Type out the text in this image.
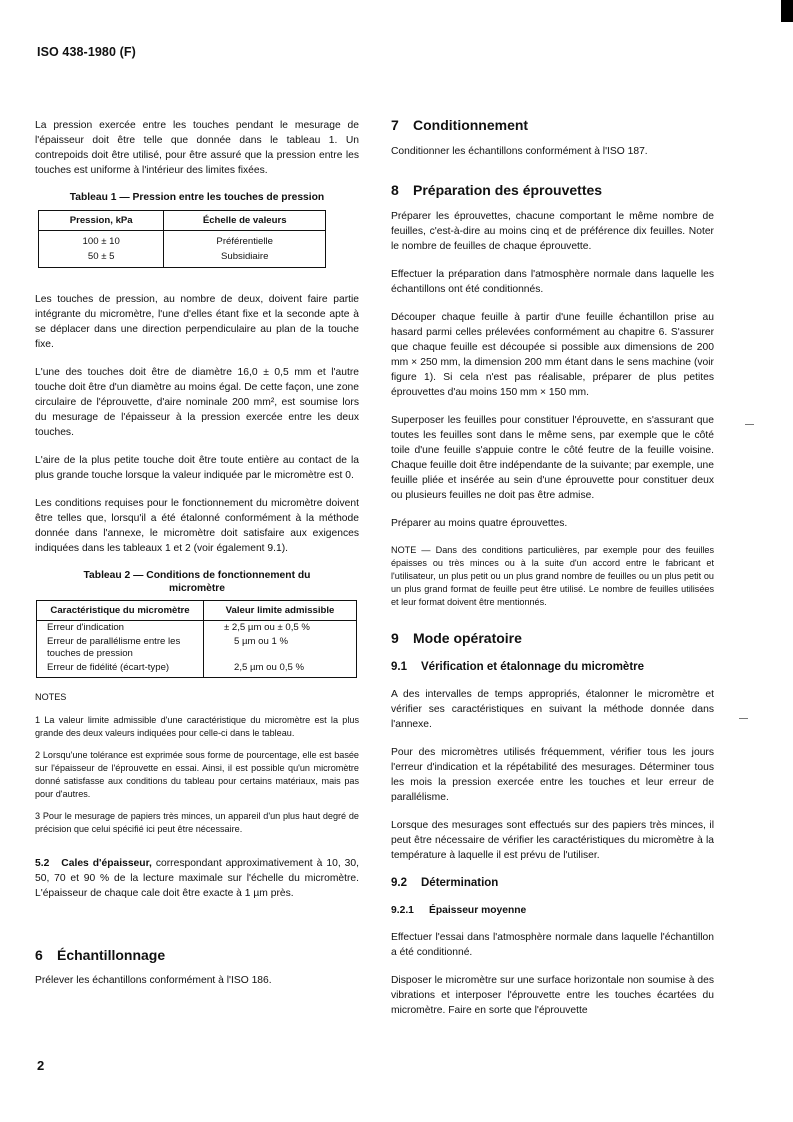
ISO 438-1980 (F)

La pression exercée entre les touches pendant le mesurage de l'épaisseur doit être telle que donnée dans le tableau 1. Un contrepoids doit être utilisé, pour être assuré que la pression entre les touches est uniforme à l'intérieur des limites fixées.

Tableau 1 — Pression entre les touches de pression
Pression, kPa	Échelle de valeurs
100 ± 10	Préférentielle
50 ± 5	Subsidiaire

Les touches de pression, au nombre de deux, doivent faire partie intégrante du micromètre, l'une d'elles étant fixe et la seconde apte à se déplacer dans une direction perpendiculaire au plan de la touche fixe.

L'une des touches doit être de diamètre 16,0 ± 0,5 mm et l'autre touche doit être d'un diamètre au moins égal. De cette façon, une zone circulaire de l'éprouvette, d'aire nominale 200 mm², est soumise lors du mesurage de l'épaisseur à la pression exercée entre les deux touches.

L'aire de la plus petite touche doit être toute entière au contact de la plus grande touche lorsque la valeur indiquée par le micromètre est 0.

Les conditions requises pour le fonctionnement du micromètre doivent être telles que, lorsqu'il a été étalonné conformément à la méthode donnée dans l'annexe, le micromètre doit satisfaire aux exigences indiquées dans les tableaux 1 et 2 (voir également 9.1).

Tableau 2 — Conditions de fonctionnement du
micromètre
Caractéristique du micromètre	Valeur limite admissible
Erreur d'indication	± 2,5 µm ou ± 0,5 %
Erreur de parallélisme entre les touches de pression	5 µm ou 1 %
Erreur de fidélité (écart-type)	2,5 µm ou 0,5 %
NOTES
1 La valeur limite admissible d'une caractéristique du micromètre est la plus grande des deux valeurs indiquées pour celle-ci dans le tableau.
2 Lorsqu'une tolérance est exprimée sous forme de pourcentage, elle est basée sur l'épaisseur de l'éprouvette en essai. Ainsi, il est possible qu'un micromètre donné satisfasse aux conditions du tableau pour certains matériaux, mais pas pour d'autres.
3 Pour le mesurage de papiers très minces, un appareil d'un plus haut degré de précision que celui spécifié ici peut être nécessaire.

5.2 Cales d'épaisseur, correspondant approximativement à 10, 30, 50, 70 et 90 % de la lecture maximale sur l'échelle du micromètre. L'épaisseur de chaque cale doit être exacte à 1 µm près.

6 Échantillonnage

Prélever les échantillons conformément à l'ISO 186.

7 Conditionnement

Conditionner les échantillons conformément à l'ISO 187.

8 Préparation des éprouvettes

Préparer les éprouvettes, chacune comportant le même nombre de feuilles, c'est-à-dire au moins cinq et de préférence dix feuilles. Noter le nombre de feuilles de chaque éprouvette.

Effectuer la préparation dans l'atmosphère normale dans laquelle les échantillons ont été conditionnés.

Découper chaque feuille à partir d'une feuille échantillon prise au hasard parmi celles prélevées conformément au chapitre 6. S'assurer que chaque feuille est découpée si possible aux dimensions de 200 mm × 250 mm, la dimension 200 mm étant dans le sens machine (voir figure 1). Si cela n'est pas réalisable, préparer de plus petites éprouvettes d'au moins 150 mm × 150 mm.

Superposer les feuilles pour constituer l'éprouvette, en s'assurant que toutes les feuilles sont dans le même sens, par exemple que le côté toile d'une feuille s'appuie contre le côté feutre de la feuille voisine. Chaque feuille doit être indépendante de la suivante; par exemple, une feuille pliée et insérée au sein d'une éprouvette pour constituer deux ou plusieurs feuilles ne doit pas être admise.

Préparer au moins quatre éprouvettes.

NOTE — Dans des conditions particulières, par exemple pour des feuilles épaisses ou très minces ou à la suite d'un accord entre le fabricant et l'utilisateur, un plus petit ou un plus grand nombre de feuilles ou un plus petit ou un plus grand format de feuille peut être utilisé. Le nombre de feuilles utilisées et leur format doivent être mentionnés.

9 Mode opératoire
9.1 Vérification et étalonnage du micromètre

A des intervalles de temps appropriés, étalonner le micromètre et vérifier ses caractéristiques en suivant la méthode donnée dans l'annexe.

Pour des micromètres utilisés fréquemment, vérifier tous les jours l'erreur d'indication et la répétabilité des mesurages. Déterminer tous les mois la pression exercée entre les touches et leur erreur de parallélisme.

Lorsque des mesurages sont effectués sur des papiers très minces, il peut être nécessaire de vérifier les caractéristiques du micromètre à la température à laquelle il est prévu de l'utiliser.

9.2 Détermination
9.2.1 Épaisseur moyenne

Effectuer l'essai dans l'atmosphère normale dans laquelle l'échantillon a été conditionné.

Disposer le micromètre sur une surface horizontale non soumise à des vibrations et interposer l'éprouvette entre les touches écartées du micromètre. Faire en sorte que l'éprouvette

2
